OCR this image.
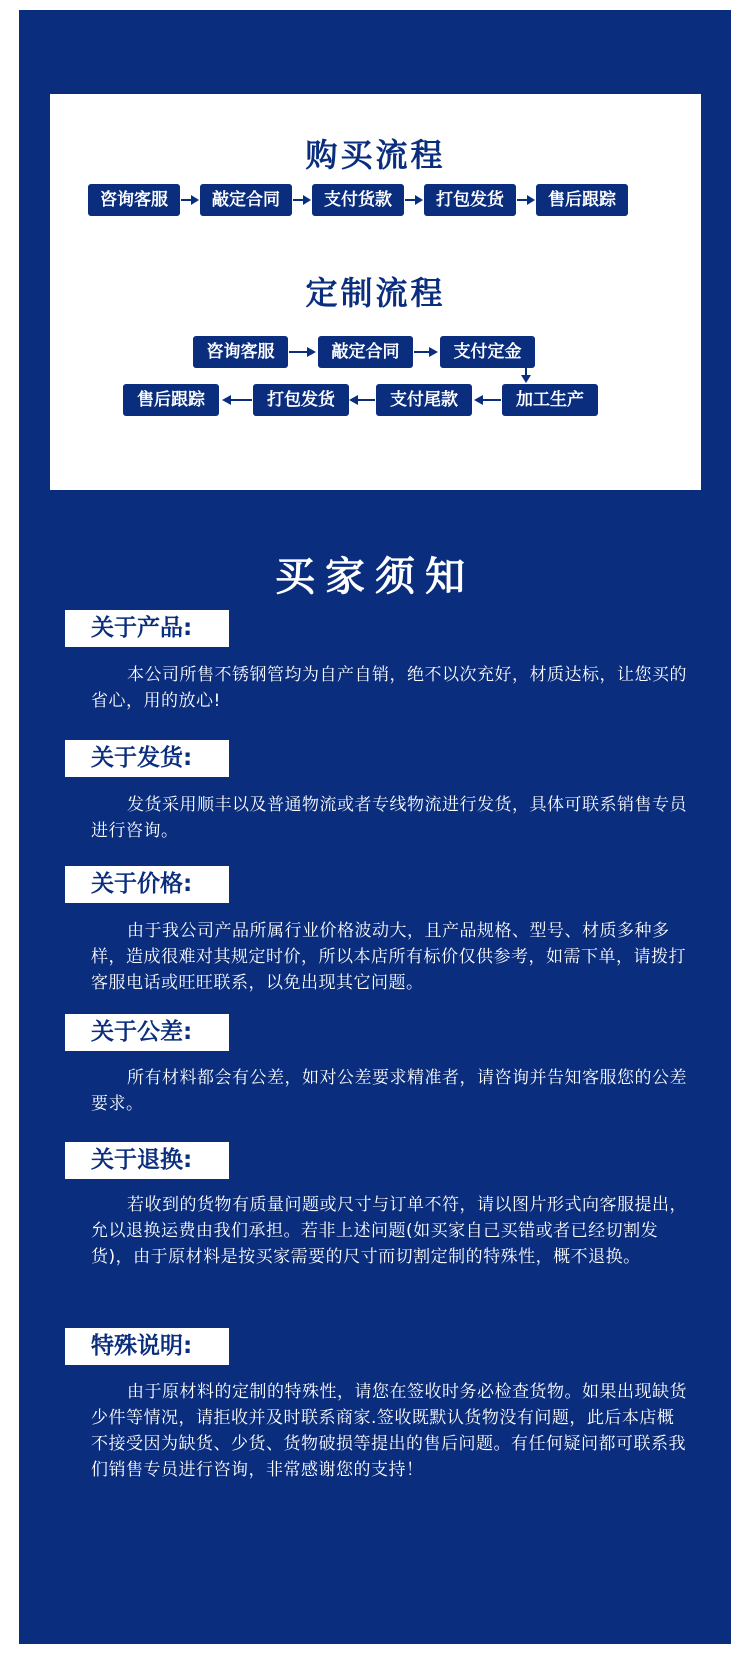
购买流程
咨询客服	敲定合同	支付货款	打包发货	售后跟踪
定制流程
咨询客服	敲定合同	支付定金
售后跟踪	打包发货	支付尾款	加工生产
买家须知
关于产品:
本公司所售不锈钢管均为自产自销，绝不以次充好，材质达标，让您买的省心，用的放心!
关于发货:
发货采用顺丰以及普通物流或者专线物流进行发货，具体可联系销售专员进行咨询。
关于价格:
由于我公司产品所属行业价格波动大，且产品规格、型号、材质多种多样，造成很难对其规定时价，所以本店所有标价仅供参考，如需下单，请拨打客服电话或旺旺联系，以免出现其它问题。
关于公差:
所有材料都会有公差，如对公差要求精准者，请咨询并告知客服您的公差要求。
关于退换:
若收到的货物有质量问题或尺寸与订单不符，请以图片形式向客服提出，允以退换运费由我们承担。若非上述问题(如买家自己买错或者已经切割发货)，由于原材料是按买家需要的尺寸而切割定制的特殊性，概不退换。
特殊说明:
由于原材料的定制的特殊性，请您在签收时务必检查货物。如果出现缺货少件等情况，请拒收并及时联系商家.签收既默认货物没有问题，此后本店概不接受因为缺货、少货、货物破损等提出的售后问题。有任何疑问都可联系我们销售专员进行咨询，非常感谢您的支持！
